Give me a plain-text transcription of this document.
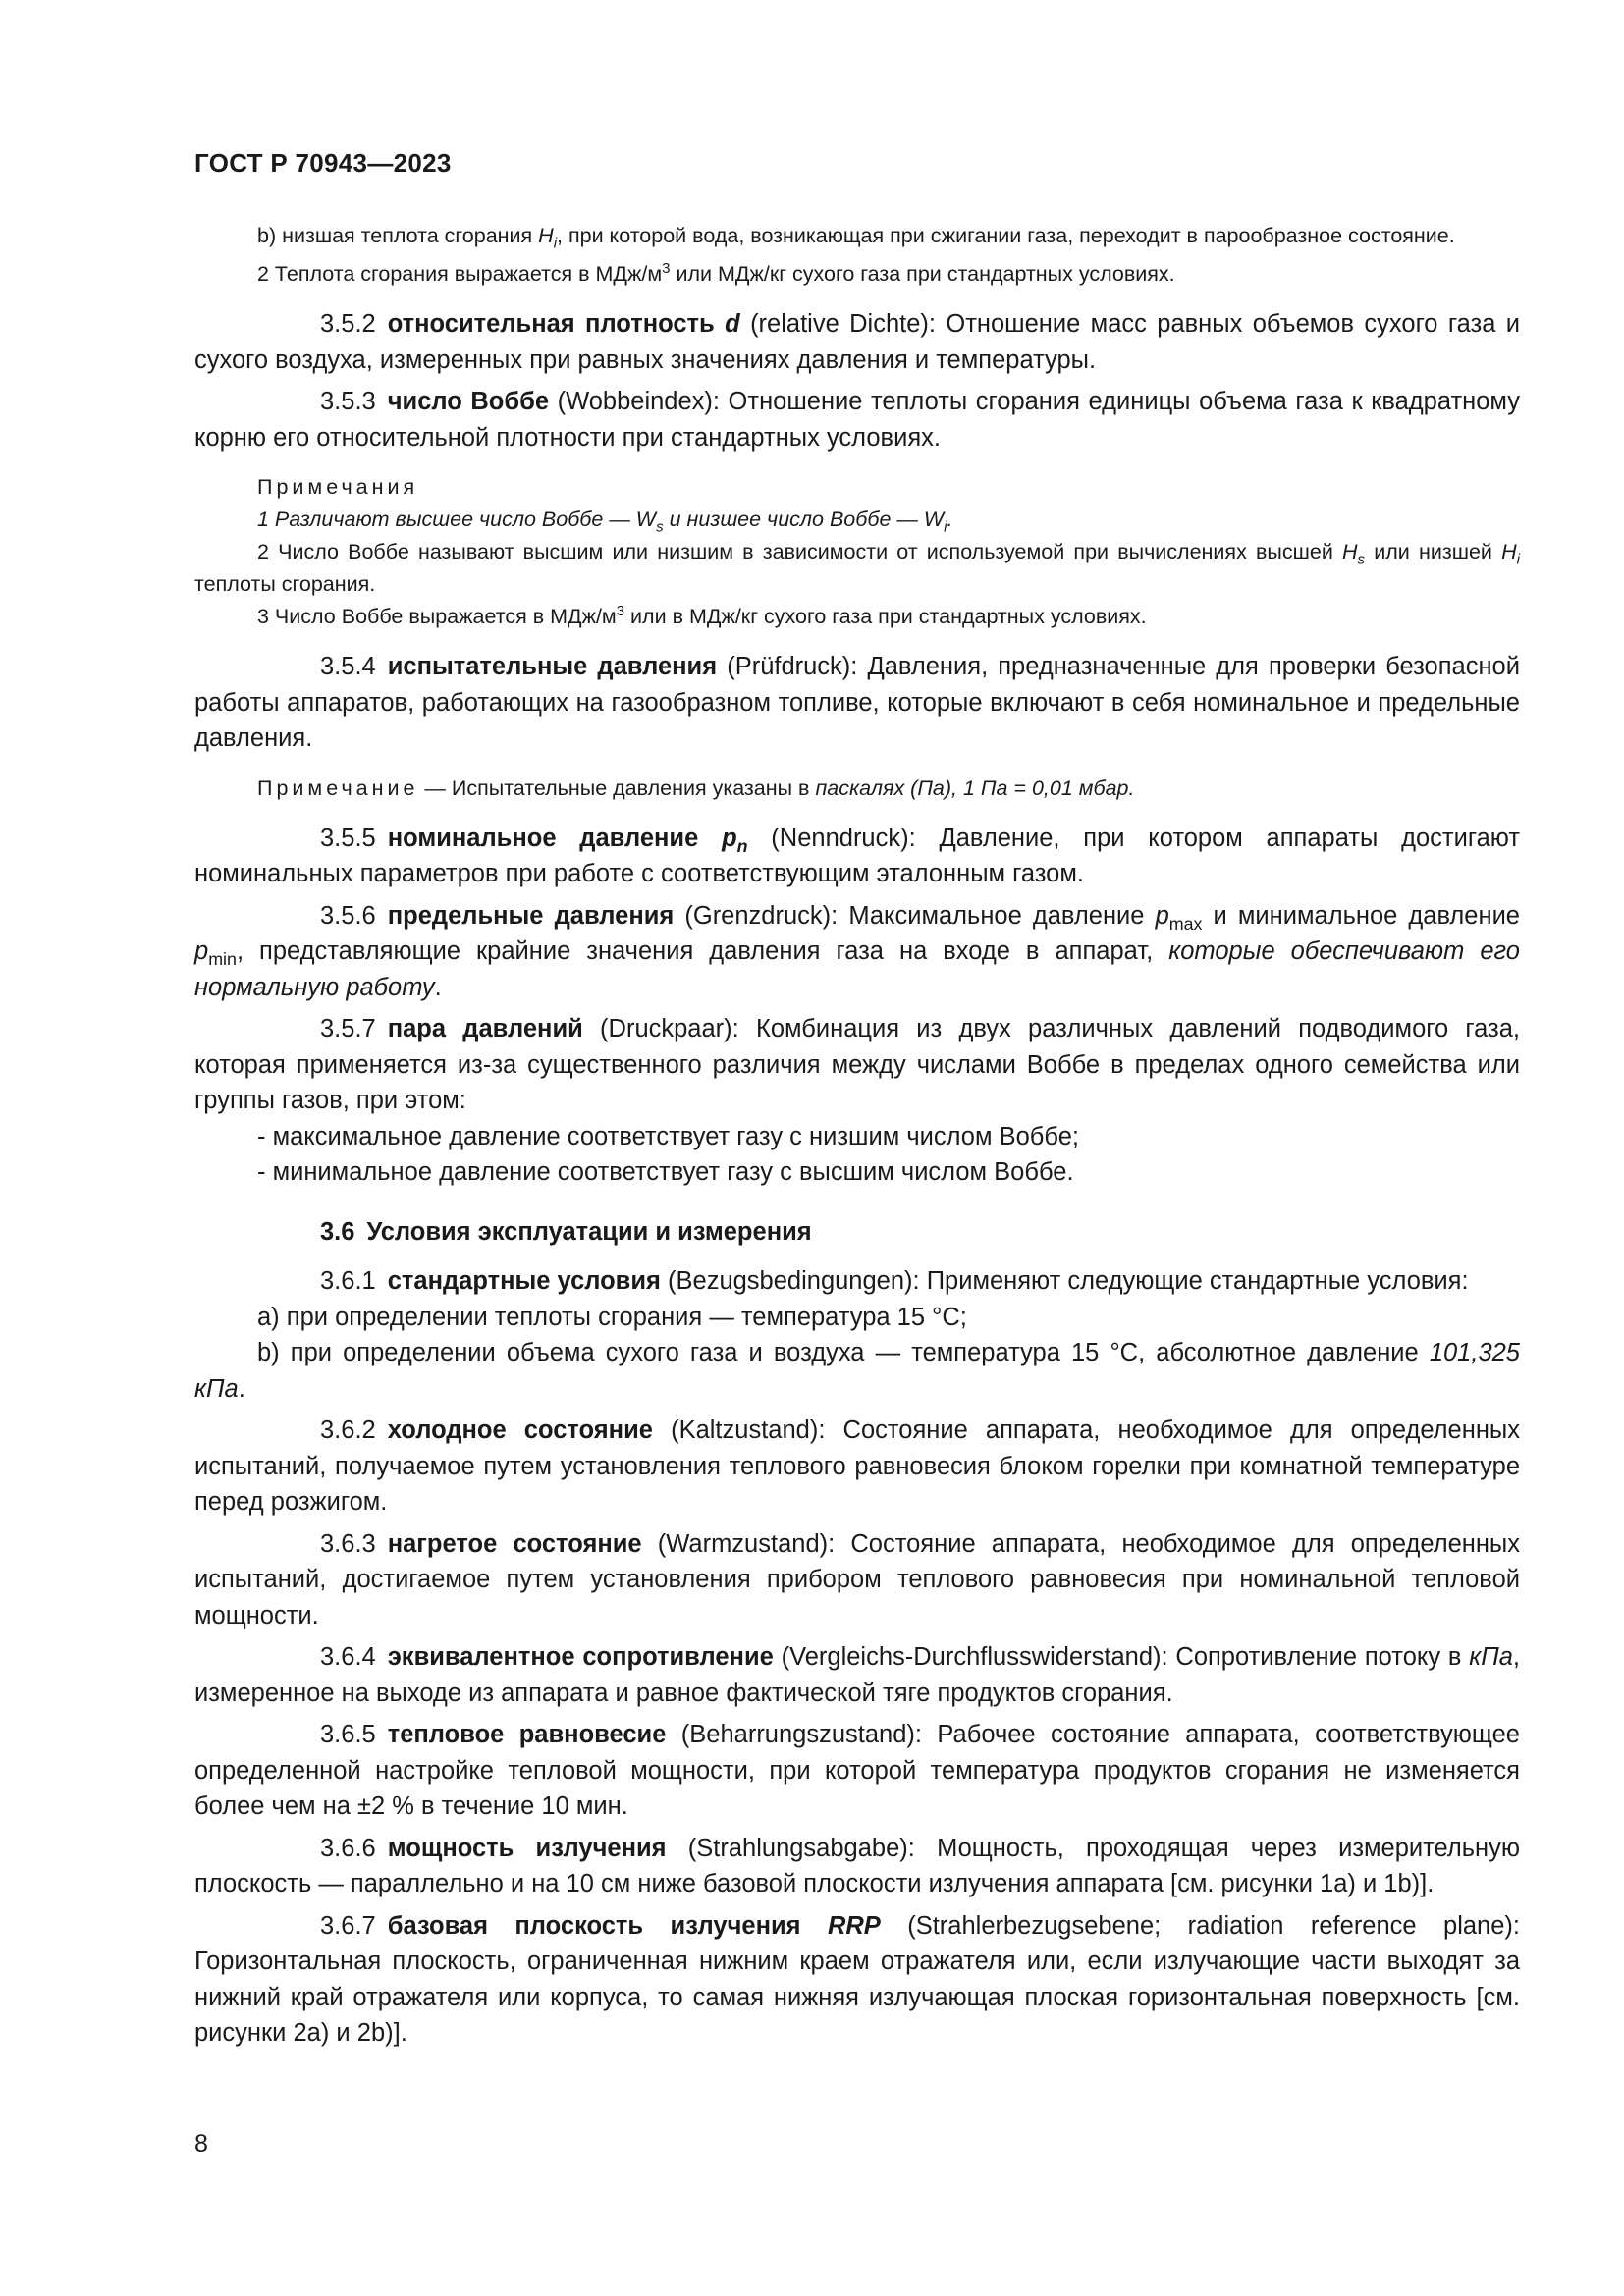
ГОСТ Р 70943—2023

b) низшая теплота сгорания $H_i$, при которой вода, возникающая при сжигании газа, переходит в парообразное состояние.

2 Теплота сгорания выражается в МДж/$м^3$ или МДж/кг сухого газа при стандартных условиях.

3.5.2 относительная плотность d (relative Dichte): Отношение масс равных объемов сухого газа и сухого воздуха, измеренных при равных значениях давления и температуры.

3.5.3 число Воббе (Wobbeindex): Отношение теплоты сгорания единицы объема газа к квадратному корню его относительной плотности при стандартных условиях.

Примечания

1 Различают высшее число Воббе — $W_s$ и низшее число Воббе — $W_i$.

2 Число Воббе называют высшим или низшим в зависимости от используемой при вычислениях высшей $H_s$ или низшей $H_i$ теплоты сгорания.

3 Число Воббе выражается в МДж/$м^3$ или в МДж/кг сухого газа при стандартных условиях.

3.5.4 испытательные давления (Prüfdruck): Давления, предназначенные для проверки безопасной работы аппаратов, работающих на газообразном топливе, которые включают в себя номинальное и предельные давления.

Примечание — Испытательные давления указаны в паскалях (Па), 1 Па = 0,01 мбар.

3.5.5 номинальное давление $p_n$ (Nenndruck): Давление, при котором аппараты достигают номинальных параметров при работе с соответствующим эталонным газом.

3.5.6 предельные давления (Grenzdruck): Максимальное давление $p_{max}$ и минимальное давление $p_{min}$, представляющие крайние значения давления газа на входе в аппарат, которые обеспечивают его нормальную работу.

3.5.7 пара давлений (Druckpaar): Комбинация из двух различных давлений подводимого газа, которая применяется из-за существенного различия между числами Воббе в пределах одного семейства или группы газов, при этом:

- максимальное давление соответствует газу с низшим числом Воббе;

- минимальное давление соответствует газу с высшим числом Воббе.

3.6 Условия эксплуатации и измерения

3.6.1 стандартные условия (Bezugsbedingungen): Применяют следующие стандартные условия:

a) при определении теплоты сгорания — температура 15 °C;

b) при определении объема сухого газа и воздуха — температура 15 °C, абсолютное давление 101,325 кПа.

3.6.2 холодное состояние (Kaltzustand): Состояние аппарата, необходимое для определенных испытаний, получаемое путем установления теплового равновесия блоком горелки при комнатной температуре перед розжигом.

3.6.3 нагретое состояние (Warmzustand): Состояние аппарата, необходимое для определенных испытаний, достигаемое путем установления прибором теплового равновесия при номинальной тепловой мощности.

3.6.4 эквивалентное сопротивление (Vergleichs-Durchflusswiderstand): Сопротивление потоку в кПа, измеренное на выходе из аппарата и равное фактической тяге продуктов сгорания.

3.6.5 тепловое равновесие (Beharrungszustand): Рабочее состояние аппарата, соответствующее определенной настройке тепловой мощности, при которой температура продуктов сгорания не изменяется более чем на ±2 % в течение 10 мин.

3.6.6 мощность излучения (Strahlungsabgabe): Мощность, проходящая через измерительную плоскость — параллельно и на 10 см ниже базовой плоскости излучения аппарата [см. рисунки 1a) и 1b)].

3.6.7 базовая плоскость излучения RRP (Strahlerbezugsebene; radiation reference plane): Горизонтальная плоскость, ограниченная нижним краем отражателя или, если излучающие части выходят за нижний край отражателя или корпуса, то самая нижняя излучающая плоская горизонтальная поверхность [см. рисунки 2a) и 2b)].

8
